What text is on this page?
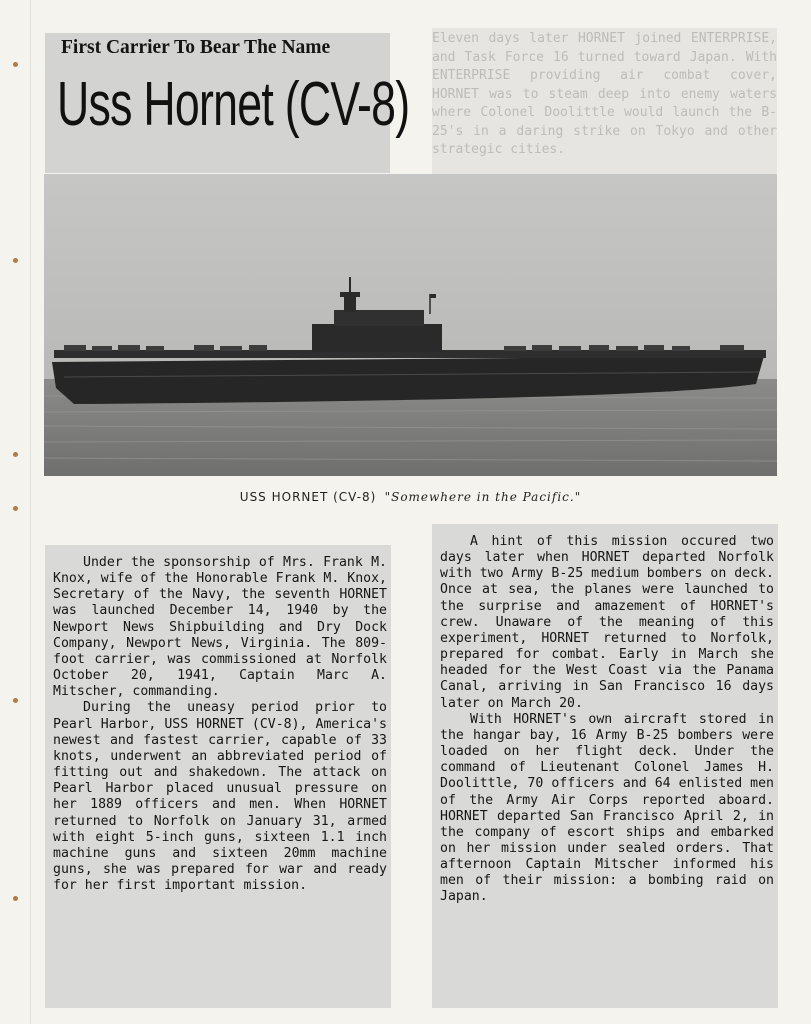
Eleven days later HORNET joined ENTERPRISE, and Task Force 16 turned toward Japan. With ENTERPRISE providing air combat cover, HORNET was to steam deep into enemy waters where Colonel Doolittle would launch the B-25's in a daring strike on Tokyo and other strategic cities.
First Carrier To Bear The Name
Uss Hornet (CV-8)
USS HORNET (CV-8) "Somewhere in the Pacific."

Under the sponsorship of Mrs. Frank M. Knox, wife of the Honorable Frank M. Knox, Secretary of the Navy, the seventh HORNET was launched December 14, 1940 by the Newport News Shipbuilding and Dry Dock Company, Newport News, Virginia. The 809-foot carrier, was commissioned at Norfolk October 20, 1941, Captain Marc A. Mitscher, commanding.

During the uneasy period prior to Pearl Harbor, USS HORNET (CV-8), America's newest and fastest carrier, capable of 33 knots, underwent an abbreviated period of fitting out and shakedown. The attack on Pearl Harbor placed unusual pressure on her 1889 officers and men. When HORNET returned to Norfolk on January 31, armed with eight 5-inch guns, sixteen 1.1 inch machine guns and sixteen 20mm machine guns, she was prepared for war and ready for her first important mission.

A hint of this mission occured two days later when HORNET departed Norfolk with two Army B-25 medium bombers on deck. Once at sea, the planes were launched to the surprise and amazement of HORNET's crew. Unaware of the meaning of this experiment, HORNET returned to Norfolk, prepared for combat. Early in March she headed for the West Coast via the Panama Canal, arriving in San Francisco 16 days later on March 20.

With HORNET's own aircraft stored in the hangar bay, 16 Army B-25 bombers were loaded on her flight deck. Under the command of Lieutenant Colonel James H. Doolittle, 70 officers and 64 enlisted men of the Army Air Corps reported aboard. HORNET departed San Francisco April 2, in the company of escort ships and embarked on her mission under sealed orders. That afternoon Captain Mitscher informed his men of their mission: a bombing raid on Japan.
